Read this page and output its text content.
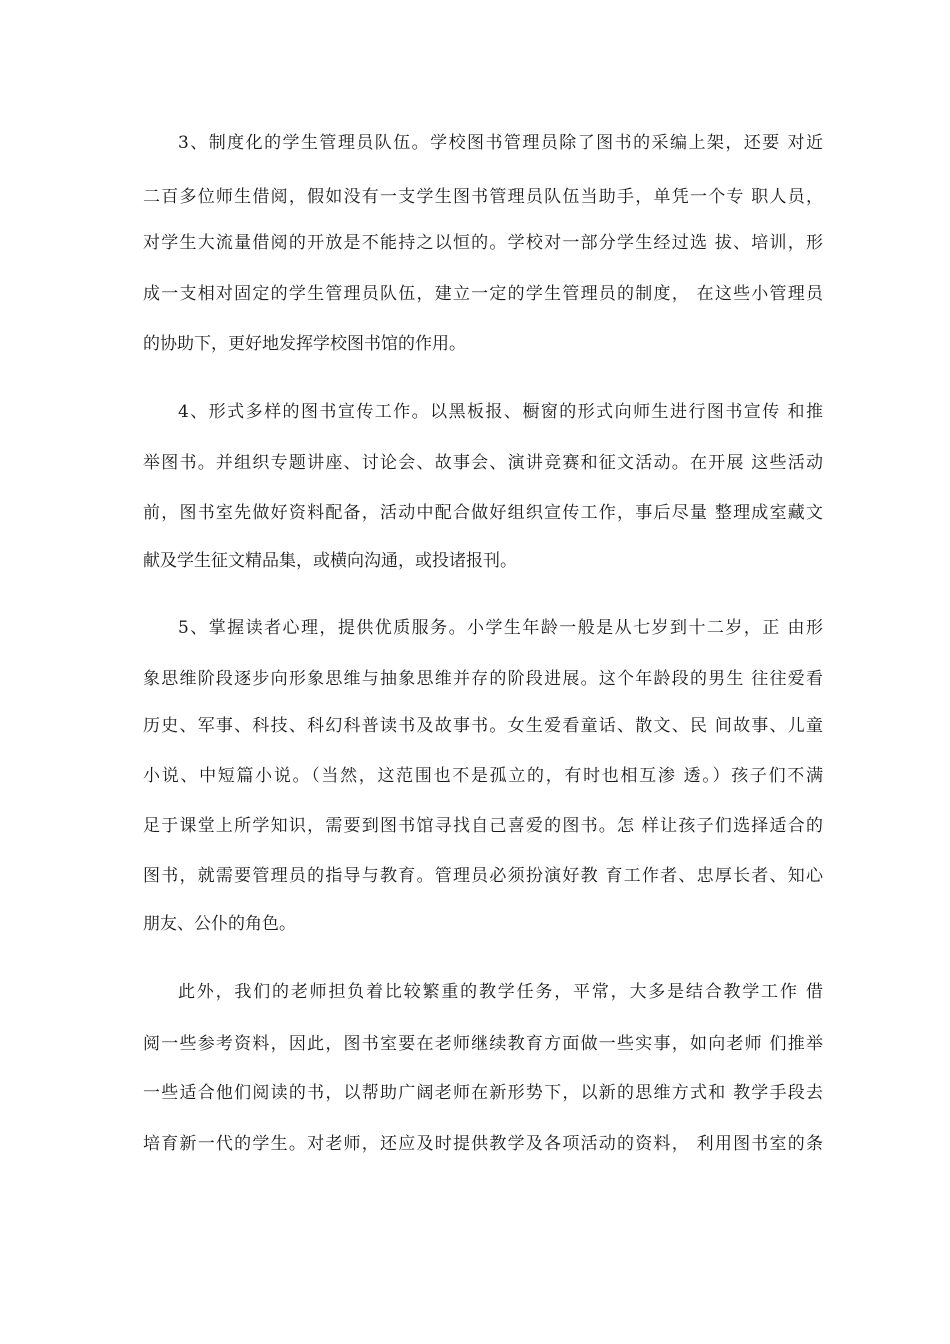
3、制度化的学生管理员队伍。学校图书管理员除了图书的采编上架，还要 对近
二百多位师生借阅，假如没有一支学生图书管理员队伍当助手，单凭一个专 职人员，
对学生大流量借阅的开放是不能持之以恒的。学校对一部分学生经过选 拔、培训，形
成一支相对固定的学生管理员队伍，建立一定的学生管理员的制度， 在这些小管理员
的协助下，更好地发挥学校图书馆的作用。
4、形式多样的图书宣传工作。以黑板报、橱窗的形式向师生进行图书宣传 和推
举图书。并组织专题讲座、讨论会、故事会、演讲竞赛和征文活动。在开展 这些活动
前，图书室先做好资料配备，活动中配合做好组织宣传工作，事后尽量 整理成室藏文
献及学生征文精品集，或横向沟通，或投诸报刊。
5、掌握读者心理，提供优质服务。小学生年龄一般是从七岁到十二岁，正 由形
象思维阶段逐步向形象思维与抽象思维并存的阶段进展。这个年龄段的男生 往往爱看
历史、军事、科技、科幻科普读书及故事书。女生爱看童话、散文、民 间故事、儿童
小说、中短篇小说。（当然，这范围也不是孤立的，有时也相互渗 透。）孩子们不满
足于课堂上所学知识，需要到图书馆寻找自己喜爱的图书。怎 样让孩子们选择适合的
图书，就需要管理员的指导与教育。管理员必须扮演好教 育工作者、忠厚长者、知心
朋友、公仆的角色。
此外，我们的老师担负着比较繁重的教学任务，平常，大多是结合教学工作 借
阅一些参考资料，因此，图书室要在老师继续教育方面做一些实事，如向老师 们推举
一些适合他们阅读的书，以帮助广阔老师在新形势下，以新的思维方式和 教学手段去
培育新一代的学生。对老师，还应及时提供教学及各项活动的资料， 利用图书室的条
